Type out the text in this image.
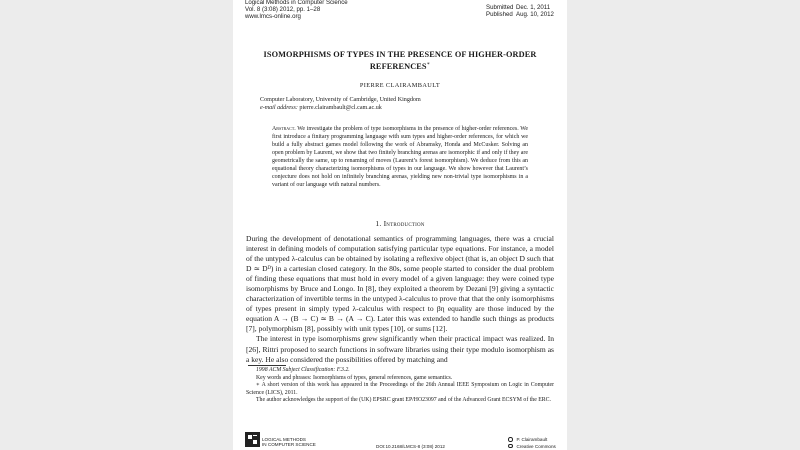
Logical Methods in Computer Science
Vol. 8 (3:08) 2012, pp. 1–28
www.lmcs-online.org
Submitted Dec. 1, 2011
Published Aug. 10, 2012
ISOMORPHISMS OF TYPES IN THE PRESENCE OF HIGHER-ORDER
REFERENCES∗
PIERRE CLAIRAMBAULT
Computer Laboratory, University of Cambridge, United Kingdom
e-mail address: pierre.clairambault@cl.cam.ac.uk
Abstract. We investigate the problem of type isomorphisms in the presence of higher-order references. We first introduce a finitary programming language with sum types and higher-order references, for which we build a fully abstract games model following the work of Abramsky, Honda and McCusker. Solving an open problem by Laurent, we show that two finitely branching arenas are isomorphic if and only if they are geometrically the same, up to renaming of moves (Laurent’s forest isomorphism). We deduce from this an equational theory characterizing isomorphisms of types in our language. We show however that Laurent’s conjecture does not hold on infinitely branching arenas, yielding new non-trivial type isomorphisms in a variant of our language with natural numbers.
1. Introduction

During the development of denotational semantics of programming languages, there was a crucial interest in defining models of computation satisfying particular type equations. For instance, a model of the untyped λ-calculus can be obtained by isolating a reflexive object (that is, an object D such that D ≃ Dᴰ) in a cartesian closed category. In the 80s, some people started to consider the dual problem of finding these equations that must hold in every model of a given language: they were coined type isomorphisms by Bruce and Longo. In [8], they exploited a theorem by Dezani [9] giving a syntactic characterization of invertible terms in the untyped λ-calculus to prove that that the only isomorphisms of types present in simply typed λ-calculus with respect to βη equality are those induced by the equation A → (B → C) ≃ B → (A → C). Later this was extended to handle such things as products [7], polymorphism [8], possibly with unit types [10], or sums [12].

The interest in type isomorphisms grew significantly when their practical impact was realized. In [26], Rittri proposed to search functions in software libraries using their type modulo isomorphism as a key. He also considered the possibilities offered by matching and

1998 ACM Subject Classification: F.3.2.

Key words and phrases: Isomorphisms of types, general references, game semantics.

∗ A short version of this work has appeared in the Proceedings of the 26th Annual IEEE Symposium on Logic in Computer Science (LICS), 2011.

The author acknowledges the support of the (UK) EPSRC grant EP/HO23097 and of the Advanced Grant ECSYM of the ERC.

LOGICAL METHODS
IN COMPUTER SCIENCE	DOI:10.2168/LMCS-8 (3:08) 2012
P. Clairambault
Creative Commons
